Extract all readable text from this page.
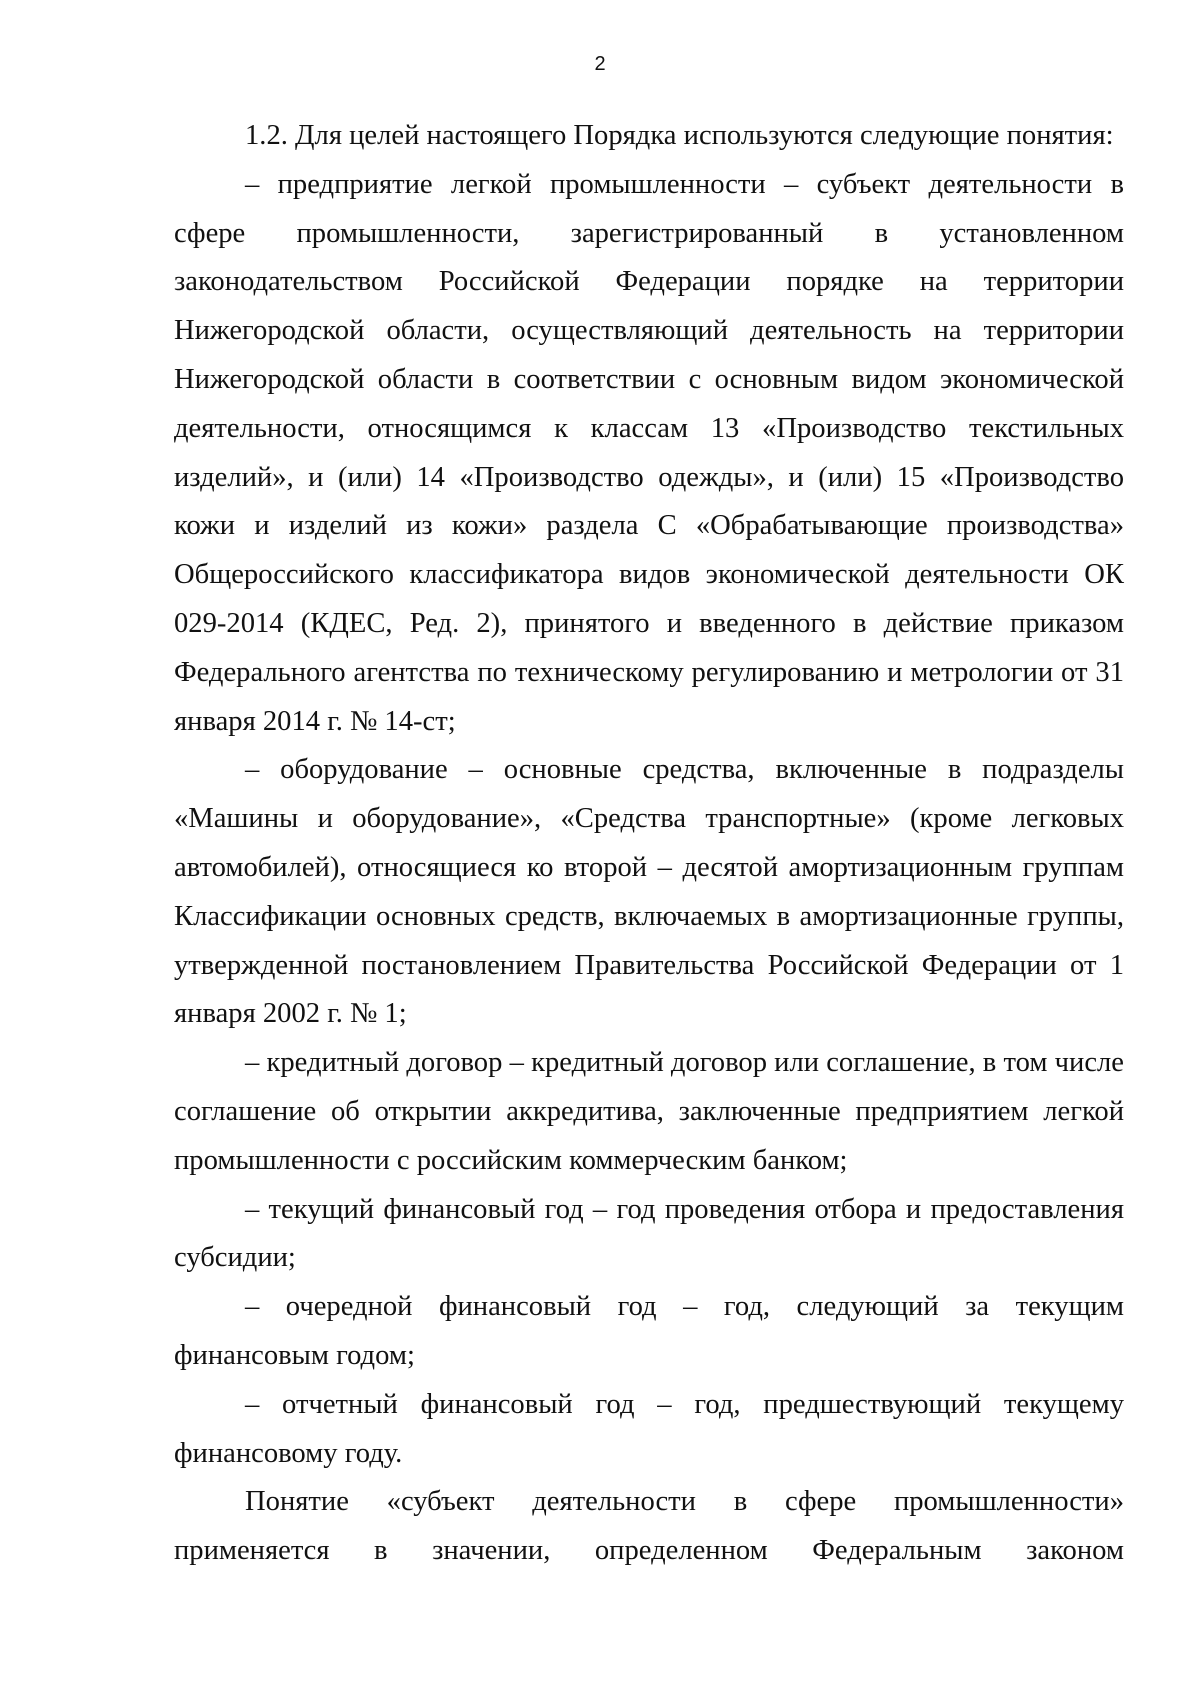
2

1.2. Для целей настоящего Порядка используются следующие понятия:

– предприятие легкой промышленности – субъект деятельности в сфере промышленности, зарегистрированный в установленном законодательством Российской Федерации порядке на территории Нижегородской области, осуществляющий деятельность на территории Нижегородской области в соответствии с основным видом экономической деятельности, относящимся к классам 13 «Производство текстильных изделий», и (или) 14 «Производство одежды», и (или) 15 «Производство кожи и изделий из кожи» раздела С «Обрабатывающие производства» Общероссийского классификатора видов экономической деятельности ОК 029-2014 (КДЕС, Ред. 2), принятого и введенного в действие приказом Федерального агентства по техническому регулированию и метрологии от 31 января 2014 г. № 14-ст;

– оборудование – основные средства, включенные в подразделы «Машины и оборудование», «Средства транспортные» (кроме легковых автомобилей), относящиеся ко второй – десятой амортизационным группам Классификации основных средств, включаемых в амортизационные группы, утвержденной постановлением Правительства Российской Федерации от 1 января 2002 г. № 1;

– кредитный договор – кредитный договор или соглашение, в том числе соглашение об открытии аккредитива, заключенные предприятием легкой промышленности с российским коммерческим банком;

– текущий финансовый год – год проведения отбора и предоставления субсидии;

– очередной финансовый год – год, следующий за текущим финансовым годом;

– отчетный финансовый год – год, предшествующий текущему финансовому году.

Понятие «субъект деятельности в сфере промышленности» применяется в значении, определенном Федеральным законом
